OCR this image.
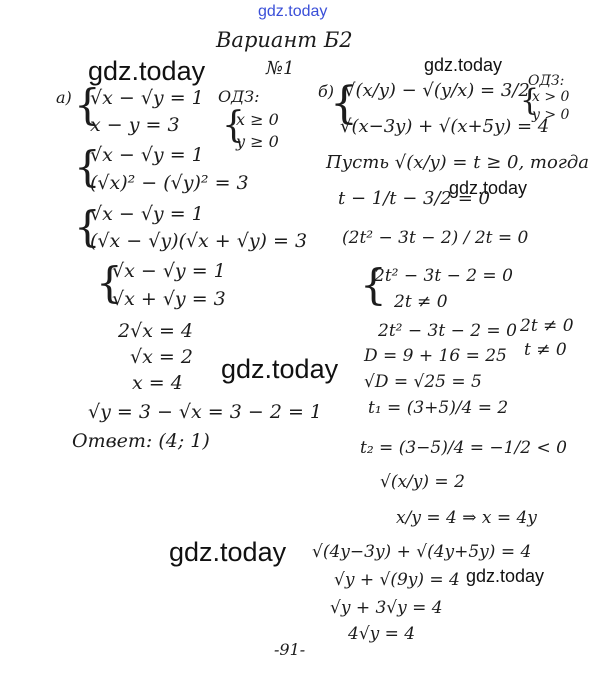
gdz.today
gdz.today	gdz.today
gdz.today
gdz.today
gdz.today
gdz.today
Вариант Б2
№1
а) {
√x − √y = 1
x − y = 3
ОДЗ:
{
x ≥ 0
y ≥ 0
{
√x − √y = 1
(√x)² − (√y)² = 3
{
√x − √y = 1
(√x − √y)(√x + √y) = 3
{
√x − √y = 1
√x + √y = 3
2√x = 4
√x = 2
x = 4
√y = 3 − √x = 3 − 2 = 1
Ответ: (4; 1)
б)
{
√(x/y) − √(y/x) = 3/2
√(x−3y) + √(x+5y) = 4
ОДЗ:
{
x > 0
y > 0
Пусть √(x/y) = t ≥ 0, тогда
t − 1/t − 3/2 = 0
(2t² − 3t − 2) / 2t = 0
{
2t² − 3t − 2 = 0
2t ≠ 0
2t² − 3t − 2 = 0 2t ≠ 0
t ≠ 0
D = 9 + 16 = 25
√D = √25 = 5
t₁ = (3+5)/4 = 2
t₂ = (3−5)/4 = −1/2 < 0
√(x/y) = 2
x/y = 4 ⇒ x = 4y
√(4y−3y) + √(4y+5y) = 4
√y + √(9y) = 4
√y + 3√y = 4
4√y = 4
-91-
